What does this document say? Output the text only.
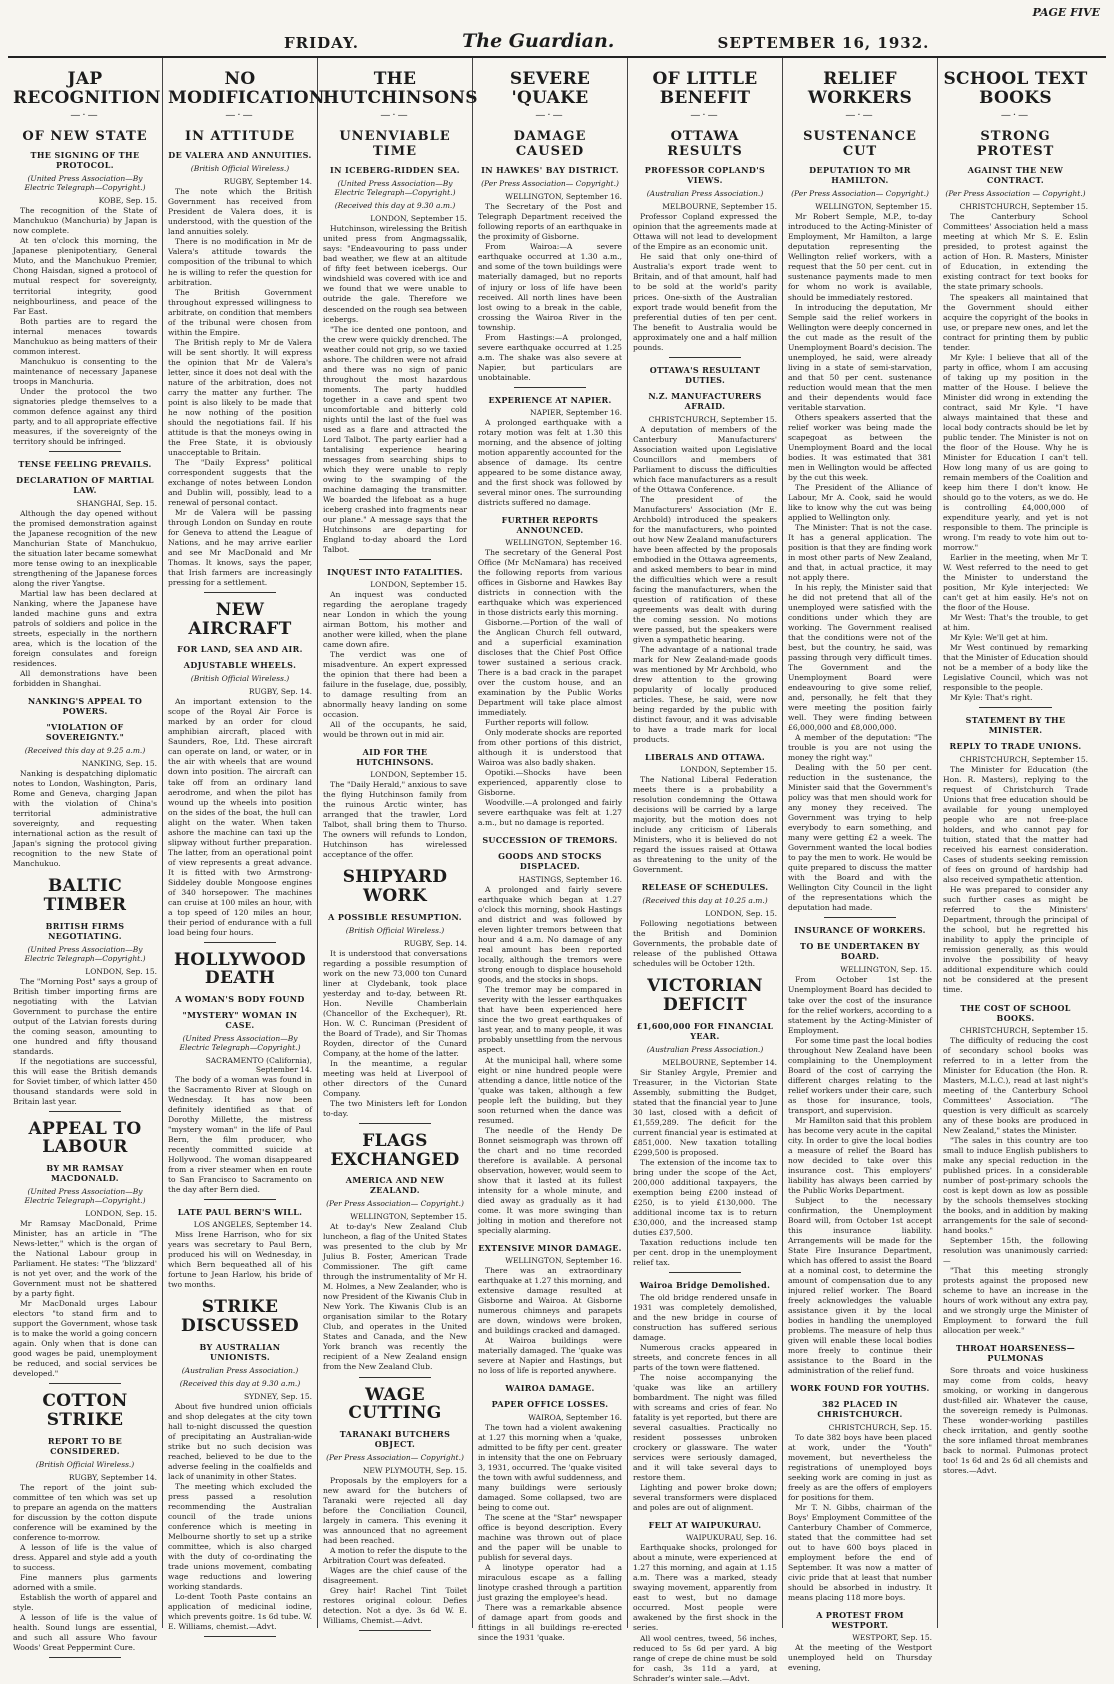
FRIDAY.	The Guardian.	SEPTEMBER 16, 1932.
PAGE FIVE
JAP RECOGNITION
—·—
OF NEW STATE
THE SIGNING OF THE PROTOCOL.
(United Press Association—By Electric Telegraph—Copyright.)
KOBE, Sep. 15.

The recognition of the State of Manchukuo (Manchuria) by Japan is now complete.

At ten o'clock this morning, the Japanese plenipotentiary, General Muto, and the Manchukuo Premier, Chong Haisdan, signed a protocol of mutual respect for sovereignty, territorial integrity, good neighbourliness, and peace of the Far East.

Both parties are to regard the internal menaces towards Manchukuo as being matters of their common interest.

Manchukuo is consenting to the maintenance of necessary Japanese troops in Manchuria.

Under the protocol the two signatories pledge themselves to a common defence against any third party, and to all appropriate effective measures, if the sovereignty of the territory should be infringed.

TENSE FEELING PREVAILS.
DECLARATION OF MARTIAL LAW.
SHANGHAI, Sep. 15.

Although the day opened without the promised demonstration against the Japanese recognition of the new Manchurian State of Manchukuo, the situation later became somewhat more tense owing to an inexplicable strengthening of the Japanese forces along the river Yangtse.

Martial law has been declared at Nanking, where the Japanese have landed machine guns and extra patrols of soldiers and police in the streets, especially in the northern area, which is the location of the foreign consulates and foreign residences.

All demonstrations have been forbidden in Shanghai.

NANKING'S APPEAL TO POWERS.
"VIOLATION OF SOVEREIGNTY."
(Received this day at 9.25 a.m.)
NANKING, Sep. 15.

Nanking is despatching diplomatic notes to London, Washington, Paris, Rome and Geneva, charging Japan with the violation of China's territorial administrative sovereignty, and requesting international action as the result of Japan's signing the protocol giving recognition to the new State of Manchukuo.

BALTIC TIMBER
BRITISH FIRMS NEGOTIATING.
(United Press Association—By Electric Telegraph—Copyright.)
LONDON, Sep. 15.

The "Morning Post" says a group of British timber importing firms are negotiating with the Latvian Government to purchase the entire output of the Latvian forests during the coming season, amounting to one hundred and fifty thousand standards.

If the negotiations are successful, this will ease the British demands for Soviet timber, of which latter 450 thousand standards were sold in Britain last year.

APPEAL TO LABOUR
BY MR RAMSAY MACDONALD.
(United Press Association—By Electric Telegraph—Copyright.)
LONDON, Sep. 15.

Mr Ramsay MacDonald, Prime Minister, has an article in "The News-letter," which is the organ of the National Labour group in Parliament. He states: "The 'blizzard' is not yet over, and the work of the Government must not be shattered by a party fight.

Mr MacDonald urges Labour electors "to stand firm and to support the Government, whose task is to make the world a going concern again. Only when that is done can good wages be paid, unemployment be reduced, and social services be developed."

COTTON STRIKE
REPORT TO BE CONSIDERED.
(British Official Wireless.)
RUGBY, September 14.

The report of the joint sub-committee of ten which was set up to prepare an agenda on the matters for discussion by the cotton dispute conference will be examined by the conference to-morrow.

A lesson of life is the value of dress. Apparel and style add a youth to success.

Fine manners plus garments adorned with a smile.

Establish the worth of apparel and style.

A lesson of life is the value of health. Sound lungs are essential, and such all assure Who favour Woods' Great Peppermint Cure.

NO MODIFICATION
—·—
IN ATTITUDE
DE VALERA AND ANNUITIES.
(British Official Wireless.)
RUGBY, September 14.

The note which the British Government has received from President de Valera does, it is understood, with the question of the land annuities solely.

There is no modification in Mr de Valera's attitude towards the composition of the tribunal to which he is willing to refer the question for arbitration.

The British Government throughout expressed willingness to arbitrate, on condition that members of the tribunal were chosen from within the Empire.

The British reply to Mr de Valera will be sent shortly. It will express the opinion that Mr de Valera's letter, since it does not deal with the nature of the arbitration, does not carry the matter any further. The point is also likely to be made that he now nothing of the position should the negotiations fail. If his attitude is that the moneys owing in the Free State, it is obviously unacceptable to Britain.

The "Daily Express" political correspondent suggests that the exchange of notes between London and Dublin will, possibly, lead to a renewal of personal contact.

Mr de Valera will be passing through London on Sunday en route for Geneva to attend the League of Nations, and he may arrive earlier and see Mr MacDonald and Mr Thomas. It knows, says the paper, that Irish farmers are increasingly pressing for a settlement.

NEW AIRCRAFT
FOR LAND, SEA AND AIR.
ADJUSTABLE WHEELS.
(British Official Wireless.)
RUGBY, Sep. 14.

An important extension to the scope of the Royal Air Force is marked by an order for cloud amphibian aircraft, placed with Saunders, Roe, Ltd. These aircraft can operate on land, or water, or in the air with wheels that are wound down into position. The aircraft can take off from an ordinary land aerodrome, and when the pilot has wound up the wheels into position on the sides of the boat, the hull can alight on the water. When taken ashore the machine can taxi up the slipway without further preparation. The latter, from an operational point of view represents a great advance. It is fitted with two Armstrong-Siddeley double Mongoose engines of 340 horsepower. The machines can cruise at 100 miles an hour, with a top speed of 120 miles an hour, their period of endurance with a full load being four hours.

HOLLYWOOD DEATH
A WOMAN'S BODY FOUND
"MYSTERY" WOMAN IN CASE.
(United Press Association—By Electric Telegraph—Copyright.)
SACRAMENTO (California), September 14.

The body of a woman was found in the Sacramento River at Slough on Wednesday. It has now been definitely identified as that of Dorothy Millette, the mistress "mystery woman" in the life of Paul Bern, the film producer, who recently committed suicide at Hollywood. The woman disappeared from a river steamer when en route to San Francisco to Sacramento on the day after Bern died.

LATE PAUL BERN'S WILL.
LOS ANGELES, September 14.

Miss Irene Harrison, who for six years was secretary to Paul Bern, produced his will on Wednesday, in which Bern bequeathed all of his fortune to Jean Harlow, his bride of two months.

STRIKE DISCUSSED
BY AUSTRALIAN UNIONISTS.
(Australian Press Association.)
(Received this day at 9.30 a.m.)
SYDNEY, Sep. 15.

About five hundred union officials and shop delegates at the city town hall to-night discussed the question of precipitating an Australian-wide strike but no such decision was reached, believed to be due to the adverse feeling in the coalfields and lack of unanimity in other States.

The meeting which excluded the press passed a resolution recommending the Australian council of the trade unions conference which is meeting in Melbourne shortly to set up a strike committee, which is also charged with the duty of co-ordinating the trade unions movement, combating wage reductions and lowering working standards.

Lo-dent Tooth Paste contains an application of medicinal iodine, which prevents goitre. 1s 6d tube. W. E. Williams, chemist.—Advt.

THE HUTCHINSONS
—·—
UNENVIABLE TIME
IN ICEBERG-RIDDEN SEA.
(United Press Association—By Electric Telegraph—Copyright.)
(Received this day at 9.30 a.m.)
LONDON, September 15.

Hutchinson, wirelessing the British united press from Angmagssalik, says: "Endeavouring to pass under bad weather, we flew at an altitude of fifty feet between icebergs. Our windshield was covered with ice and we found that we were unable to outride the gale. Therefore we descended on the rough sea between icebergs.

"The ice dented one pontoon, and the crew were quickly drenched. The weather could not grip, so we taxied ashore. The children were not afraid and there was no sign of panic throughout the most hazardous moments. The party huddled together in a cave and spent two uncomfortable and bitterly cold nights until the last of the fuel was used as a flare and attracted the Lord Talbot. The party earlier had a tantalising experience hearing messages from searching ships to which they were unable to reply owing to the swamping of the machine damaging the transmitter. We boarded the lifeboat as a huge iceberg crashed into fragments near our plane." A message says that the Hutchinsons are departing for England to-day aboard the Lord Talbot.

INQUEST INTO FATALITIES.
LONDON, September 15.

An inquest was conducted regarding the aeroplane tragedy near London in which the young airman Bottom, his mother and another were killed, when the plane came down afire.

The verdict was one of misadventure. An expert expressed the opinion that there had been a failure in the fuselage, due, possibly, to damage resulting from an abnormally heavy landing on some occasion.

All of the occupants, he said, would be thrown out in mid air.

AID FOR THE HUTCHINSONS.
LONDON, September 15.

The "Daily Herald," anxious to save the flying Hutchinson family from the ruinous Arctic winter, has arranged that the trawler, Lord Talbot, shall bring them to Thurso. The owners will refunds to London, Hutchinson has wirelessed acceptance of the offer.

SHIPYARD WORK
A POSSIBLE RESUMPTION.
(British Official Wireless.)
RUGBY, Sep. 14.

It is understood that conversations regarding a possible resumption of work on the new 73,000 ton Cunard liner at Clydebank, took place yesterday and to-day, between Rt. Hon. Neville Chamberlain (Chancellor of the Exchequer), Rt. Hon. W. C. Runciman (President of the Board of Trade), and Sir Thomas Royden, director of the Cunard Company, at the home of the latter.

In the meantime, a regular meeting was held at Liverpool of other directors of the Cunard Company.

The two Ministers left for London to-day.

FLAGS EXCHANGED
AMERICA AND NEW ZEALAND.
(Per Press Association— Copyright.)
WELLINGTON, September 15.

At to-day's New Zealand Club luncheon, a flag of the United States was presented to the club by Mr Julius B. Foster, American Trade Commissioner. The gift came through the instrumentality of Mr H. M. Holmes, a New Zealander, who is now President of the Kiwanis Club in New York. The Kiwanis Club is an organisation similar to the Rotary Club, and operates in the United States and Canada, and the New York branch was recently the recipient of a New Zealand ensign from the New Zealand Club.

WAGE CUTTING
TARANAKI BUTCHERS OBJECT.
(Per Press Association— Copyright.)
NEW PLYMOUTH, Sep. 15.

Proposals by the employers for a new award for the butchers of Taranaki were rejected all day before the Conciliation Council, largely in camera. This evening it was announced that no agreement had been reached.

A motion to refer the dispute to the Arbitration Court was defeated.

Wages are the chief cause of the disagreement.

Grey hair! Rachel Tint Toilet restores original colour. Defies detection. Not a dye. 3s 6d W. E. Williams, Chemist.—Advt.

SEVERE 'QUAKE
—·—
DAMAGE CAUSED
IN HAWKES' BAY DISTRICT.
(Per Press Association— Copyright.)
WELLINGTON, September 16.

The Secretary of the Post and Telegraph Department received the following reports of an earthquake in the proximity of Gisborne.

From Wairoa:—A severe earthquake occurred at 1.30 a.m., and some of the town buildings were materially damaged, but no reports of injury or loss of life have been received. All north lines have been lost owing to a break in the cable, crossing the Wairoa River in the township.

From Hastings:—A prolonged, severe earthquake occurred at 1.25 a.m. The shake was also severe at Napier, but particulars are unobtainable.

EXPERIENCE AT NAPIER.
NAPIER, September 16.

A prolonged earthquake with a rotary motion was felt at 1.30 this morning, and the absence of jolting motion apparently accounted for the absence of damage. Its centre appeared to be some distance away, and the first shock was followed by several minor ones. The surrounding districts suffered no damage.

FURTHER REPORTS ANNOUNCED.
WELLINGTON, September 16.

The secretary of the General Post Office (Mr McNamara) has received the following reports from various offices in Gisborne and Hawkes Bay districts in connection with the earthquake which was experienced in those districts early this morning.

Gisborne.—Portion of the wall of the Anglican Church fell outward, and a superficial examination discloses that the Chief Post Office tower sustained a serious crack. There is a bad crack in the parapet over the custom house, and an examination by the Public Works Department will take place almost immediately.

Further reports will follow.

Only moderate shocks are reported from other portions of this district, although it is understood that Wairoa was also badly shaken.

Opotiki.—Shocks have been experienced, apparently close to Gisborne.

Woodville.—A prolonged and fairly severe earthquake was felt at 1.27 a.m., but no damage is reported.

SUCCESSION OF TREMORS.
GOODS AND STOCKS DISPLACED.
HASTINGS, September 16.

A prolonged and fairly severe earthquake which began at 1.27 o'clock this morning, shook Hastings and district and was followed by eleven lighter tremors between that hour and 4 a.m. No damage of any real amount has been reported locally, although the tremors were strong enough to displace household goods, and the stocks in shops.

The tremor may be compared in severity with the lesser earthquakes that have been experienced here since the two great earthquakes of last year, and to many people, it was probably unsettling from the nervous aspect.

At the municipal hall, where some eight or nine hundred people were attending a dance, little notice of the 'quake was taken, although a few people left the building, but they soon returned when the dance was resumed.

The needle of the Hendy De Bonnet seismograph was thrown off the chart and no time recorded therefore is available. A personal observation, however, would seem to show that it lasted at its fullest intensity for a whole minute, and died away as gradually as it had come. It was more swinging than jolting in motion and therefore not specially alarming.

EXTENSIVE MINOR DAMAGE.
WELLINGTON, September 16.

There was an extraordinary earthquake at 1.27 this morning, and extensive damage resulted at Gisborne and Wairoa. At Gisborne numerous chimneys and parapets are down, windows were broken, and buildings cracked and damaged.

At Wairoa buildings were materially damaged. The 'quake was severe at Napier and Hastings, but no loss of life is reported anywhere.

WAIROA DAMAGE.
PAPER OFFICE LOSSES.
WAIROA, September 16.

The town had a violent awakening at 1.27 this morning when a 'quake, admitted to be fifty per cent. greater in intensity that the one on February 3, 1931, occurred. The 'quake visited the town with awful suddenness, and many buildings were seriously damaged. Some collapsed, two are being to come out.

The scene at the "Star" newspaper office is beyond description. Every machine was thrown out of place and the paper will be unable to publish for several days.

A linotype operator had a miraculous escape as a falling linotype crashed through a partition just grazing the employee's head.

There was a remarkable absence of damage apart from goods and fittings in all buildings re-erected since the 1931 'quake.

OF LITTLE BENEFIT
—·—
OTTAWA RESULTS
PROFESSOR COPLAND'S VIEWS.
(Australian Press Association.)
MELBOURNE, September 15.

Professor Copland expressed the opinion that the agreements made at Ottawa will not lead to development of the Empire as an economic unit.

He said that only one-third of Australia's export trade went to Britain, and of that amount, half had to be sold at the world's parity prices. One-sixth of the Australian export trade would benefit from the preferential duties of ten per cent. The benefit to Australia would be approximately one and a half million pounds.

OTTAWA'S RESULTANT DUTIES.
N.Z. MANUFACTURERS AFRAID.
CHRISTCHURCH, September 15.

A deputation of members of the Canterbury Manufacturers' Association waited upon Legislative Councillors and members of Parliament to discuss the difficulties which face manufacturers as a result of the Ottawa Conference.

The president of the Manufacturers' Association (Mr E. Archbold) introduced the speakers for the manufacturers, who pointed out how New Zealand manufacturers have been affected by the proposals embodied in the Ottawa agreements, and asked members to bear in mind the difficulties which were a result facing the manufacturers, when the question of ratification of these agreements was dealt with during the coming session. No motions were passed, but the speakers were given a sympathetic hearing.

The advantage of a national trade mark for New Zealand-made goods was mentioned by Mr Archbold, who drew attention to the growing popularity of locally produced articles. These, he said, were now being regarded by the public with distinct favour, and it was advisable to have a trade mark for local products.

LIBERALS AND OTTAWA.
LONDON, September 15.

The National Liberal Federation meets there is a probability a resolution condemning the Ottawa decisions will be carried by a large majority, but the motion does not include any criticism of Liberals Ministers, who it is believed do not regard the issues raised at Ottawa as threatening to the unity of the Government.

RELEASE OF SCHEDULES.
(Received this day at 10.25 a.m.)
LONDON, Sep. 15.

Following negotiations between the British and Dominion Governments, the probable date of release of the published Ottawa schedules will be October 12th.

VICTORIAN DEFICIT
£1,600,000 FOR FINANCIAL YEAR.
(Australian Press Association.)
MELBOURNE, September 14.

Sir Stanley Argyle, Premier and Treasurer, in the Victorian State Assembly, submitting the Budget, stated that the financial year to June 30 last, closed with a deficit of £1,559,289. The deficit for the current financial year is estimated at £851,000. New taxation totalling £299,500 is proposed.

The extension of the income tax to bring under the scope of the Act, 200,000 additional taxpayers, the exemption being £200 instead of £250, is to yield £130,000. The additional income tax is to return £30,000, and the increased stamp duties £37,500.

Taxation reductions include ten per cent. drop in the unemployment relief tax.

Wairoa Bridge Demolished.

The old bridge rendered unsafe in 1931 was completely demolished, and the new bridge in course of construction has suffered serious damage.

Numerous cracks appeared in streets, and concrete fences in all parts of the town were flattened.

The noise accompanying the 'quake was like an artillery bombardment. The night was filled with screams and cries of fear. No fatality is yet reported, but there are several casualties. Practically no resident possesses unbroken crockery or glassware. The water services were seriously damaged, and it will take several days to restore them.

Lighting and power broke down; several transformers were displaced and poles are out of alignment.

FELT AT WAIPUKURAU.
WAIPUKURAU, Sep. 16.

Earthquake shocks, prolonged for about a minute, were experienced at 1.27 this morning, and again at 1.15 a.m. There was a marked, steady swaying movement, apparently from east to west, but no damage occurred. Most people were awakened by the first shock in the series.

All wool centres, tweed, 56 inches, reduced to 5s 6d per yard. A big range of crepe de chine must be sold for cash, 3s 11d a yard, at Schrader's winter sale.—Advt.

RELIEF WORKERS
—·—
SUSTENANCE CUT
DEPUTATION TO MR HAMILTON.
(Per Press Association— Copyright.)
WELLINGTON, September 15.

Mr Robert Semple, M.P., to-day introduced to the Acting-Minister of Employment, Mr Hamilton, a large deputation representing the Wellington relief workers, with a request that the 50 per cent. cut in sustenance payments made to men for whom no work is available, should be immediately restored.

In introducing the deputation, Mr Semple said the relief workers in Wellington were deeply concerned in the cut made as the result of the Unemployment Board's decision. The unemployed, he said, were already living in a state of semi-starvation, and that 50 per cent. sustenance reduction would mean that the men and their dependents would face veritable starvation.

Others speakers asserted that the relief worker was being made the scapegoat as between the Unemployment Board and the local bodies. It was estimated that 381 men in Wellington would be affected by the cut this week.

The President of the Alliance of Labour, Mr A. Cook, said he would like to know why the cut was being applied to Wellington only.

The Minister: That is not the case. It has a general application. The position is that they are finding work in most other parts of New Zealand, and that, in actual practice, it may not apply there.

In his reply, the Minister said that he did not pretend that all of the unemployed were satisfied with the conditions under which they are working. The Government realised that the conditions were not of the best, but the country, he said, was passing through very difficult times. The Government and the Unemployment Board were endeavouring to give some relief, and, personally, he felt that they were meeting the position fairly well. They were finding between £6,000,000 and £8,000,000.

A member of the deputation: "The trouble is you are not using the money the right way."

Dealing with the 50 per cent. reduction in the sustenance, the Minister said that the Government's policy was that men should work for any money they received. The Government was trying to help everybody to earn something, and many were getting £2 a week. The Government wanted the local bodies to pay the men to work. He would be quite prepared to discuss the matter with the Board and with the Wellington City Council in the light of the representations which the deputation had made.

INSURANCE OF WORKERS.
TO BE UNDERTAKEN BY BOARD.
WELLINGTON, Sep. 15.

From October 1st the Unemployment Board has decided to take over the cost of the insurance for the relief workers, according to a statement by the Acting-Minister of Employment.

For some time past the local bodies throughout New Zealand have been complaining to the Unemployment Board of the cost of carrying the different charges relating to the relief workers under their care, such as those for insurance, tools, transport, and supervision.

Mr Hamilton said that this problem has become very acute in the capital city. In order to give the local bodies a measure of relief the Board has now decided to take over this insurance cost. This employers' liability has always been carried by the Public Works Department.

Subject to the necessary confirmation, the Unemployment Board will, from October 1st accept this insurance liability. Arrangements will be made for the State Fire Insurance Department, which has offered to assist the Board at a nominal cost, to determine the amount of compensation due to any injured relief worker. The Board freely acknowledges the valuable assistance given it by the local bodies in handling the unemployed problems. The measure of help thus given will enable these local bodies more freely to continue their assistance to the Board in the administration of the relief fund.

WORK FOUND FOR YOUTHS.
382 PLACED IN CHRISTCHURCH.
CHRISTCHURCH, Sep. 15.

To date 382 boys have been placed at work, under the "Youth" movement, but nevertheless the registrations of unemployed boys seeking work are coming in just as freely as are the offers of employers for positions for them.

Mr T. N. Gibbs, chairman of the Boys' Employment Committee of the Canterbury Chamber of Commerce, stated that the committee had set out to have 600 boys placed in employment before the end of September. It was now a matter of civic pride that at least that number should be absorbed in industry. It means placing 118 more boys.

A PROTEST FROM WESTPORT.
WESTPORT, Sep. 15.

At the meeting of the Westport unemployed held on Thursday evening,

SCHOOL TEXT BOOKS
—·—
STRONG PROTEST
AGAINST THE NEW CONTRACT.
(Per Press Association — Copyright.)
CHRISTCHURCH, September 15.

The Canterbury School Committees' Association held a mass meeting at which Mr S. E. Eslin presided, to protest against the action of Hon. R. Masters, Minister of Education, in extending the existing contract for text books for the state primary schools.

The speakers all maintained that the Government should either acquire the copyright of the books in use, or prepare new ones, and let the contract for printing them by public tender.

Mr Kyle: I believe that all of the party in office, whom I am accusing of taking up my position in the matter of the House. I believe the Minister did wrong in extending the contract, said Mr Kyle. "I have always maintained that these and local body contracts should be let by public tender. The Minister is not on the floor of the House. Why he is Minister for Education I can't tell. How long many of us are going to remain members of the Coalition and keep him there I don't know. He should go to the voters, as we do. He is controlling £4,000,000 of expenditure yearly, and yet is not responsible to them. The principle is wrong. I'm ready to vote him out to-morrow."

Earlier in the meeting, when Mr T. W. West referred to the need to get the Minister to understand the position, Mr Kyle interjected: We can't get at him easily. He's not on the floor of the House.

Mr West: That's the trouble, to get at him.

Mr Kyle: We'll get at him.

Mr West continued by remarking that the Minister of Education should not be a member of a body like the Legislative Council, which was not responsible to the people.

Mr Kyle: That's right.

STATEMENT BY THE MINISTER.
REPLY TO TRADE UNIONS.
CHRISTCHURCH, September 15.

The Minister for Education (the Hon. R. Masters), replying to the request of Christchurch Trade Unions that free education should be available for young unemployed people who are not free-place holders, and who cannot pay for tuition, stated that the matter had received his earnest consideration. Cases of students seeking remission of fees on ground of hardship had also received sympathetic attention.

He was prepared to consider any such further cases as might be referred to the Ministers' Department, through the principal of the school, but he regretted his inability to apply the principle of remission generally, as this would involve the possibility of heavy additional expenditure which could not be considered at the present time.

THE COST OF SCHOOL BOOKS.
CHRISTCHURCH, September 15.

The difficulty of reducing the cost of secondary school books was referred to in a letter from the Minister for Education (the Hon. R. Masters, M.L.C.), read at last night's meeting of the Canterbury School Committees' Association. "The question is very difficult as scarcely any of these books are produced in New Zealand," states the Minister.

"The sales in this country are too small to induce English publishers to make any special reduction in the published prices. In a considerable number of post-primary schools the cost is kept down as low as possible by the schools themselves stocking the books, and in addition by making arrangements for the sale of second-hand books."

September 15th, the following resolution was unanimously carried:—

"That this meeting strongly protests against the proposed new scheme to have an increase in the hours of work without any extra pay, and we strongly urge the Minister of Employment to forward the full allocation per week."

THROAT HOARSENESS—PULMONAS

Sore throats and voice huskiness may come from colds, heavy smoking, or working in dangerous dust-filled air. Whatever the cause, the sovereign remedy is Pulmonas. These wonder-working pastilles check irritation, and gently soothe the sore inflamed throat membranes back to normal. Pulmonas protect too! 1s 6d and 2s 6d all chemists and stores.—Advt.
